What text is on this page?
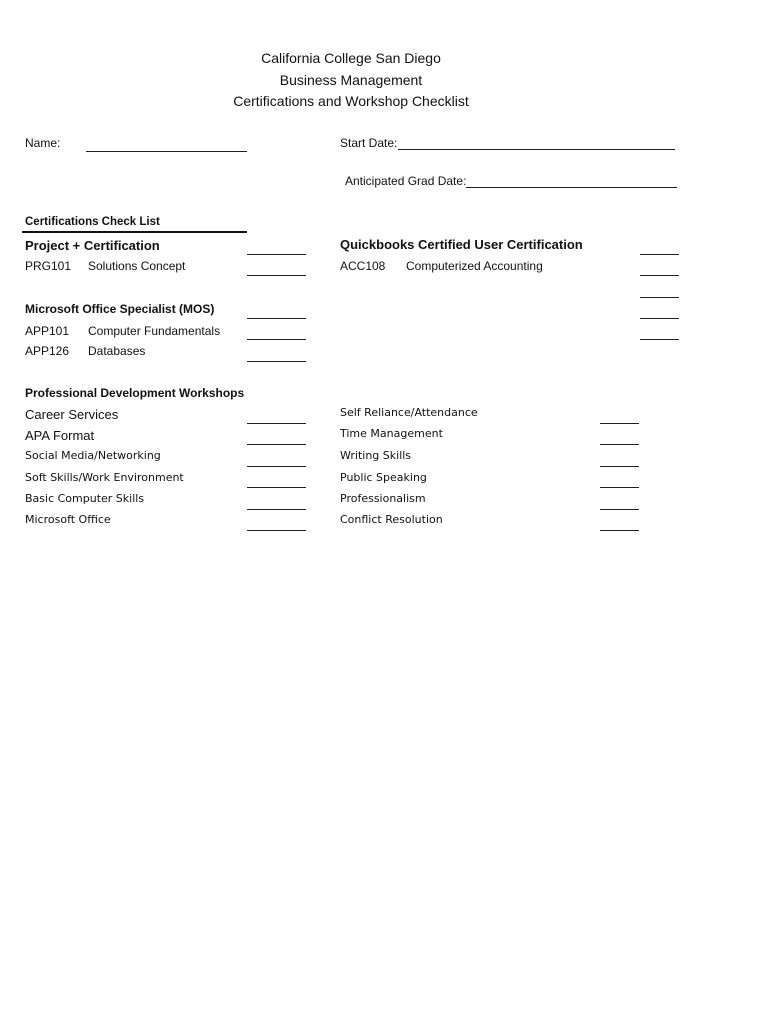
California College San Diego
Business Management
Certifications and Workshop Checklist
Name:	Start Date:
Anticipated Grad Date:
Certifications Check List
Project + Certification
PRG101 Solutions Concept
Microsoft Office Specialist (MOS)
APP101 Computer Fundamentals
APP126 Databases
Quickbooks Certified User Certification
ACC108 Computerized Accounting
Professional Development Workshops
Career Services
APA Format
Social Media/Networking
Soft Skills/Work Environment
Basic Computer Skills
Microsoft Office
Self Reliance/Attendance
Time Management
Writing Skills
Public Speaking
Professionalism
Conflict Resolution
